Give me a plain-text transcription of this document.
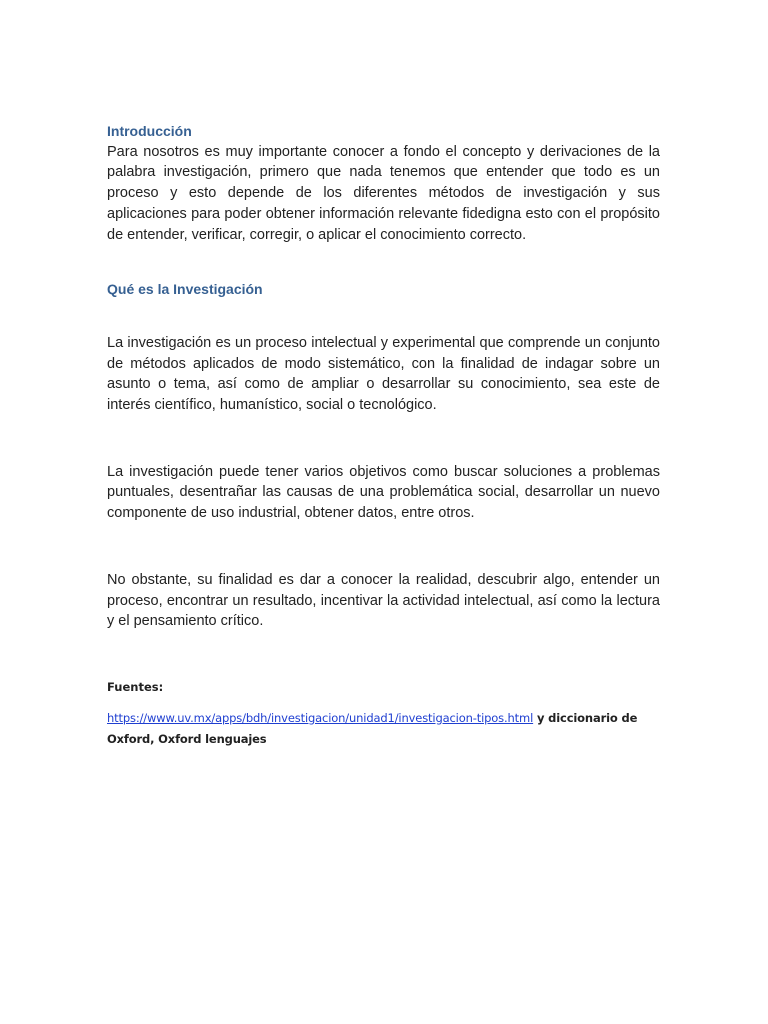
Introducción

Para nosotros es muy importante conocer a fondo el concepto y derivaciones de la palabra investigación, primero que nada tenemos que entender que todo es un proceso y esto depende de los diferentes métodos de investigación y sus aplicaciones para poder obtener información relevante fidedigna esto con el propósito de entender, verificar, corregir, o aplicar el conocimiento correcto.

Qué es la Investigación

La investigación es un proceso intelectual y experimental que comprende un conjunto de métodos aplicados de modo sistemático, con la finalidad de indagar sobre un asunto o tema, así como de ampliar o desarrollar su conocimiento, sea este de interés científico, humanístico, social o tecnológico.

La investigación puede tener varios objetivos como buscar soluciones a problemas puntuales, desentrañar las causas de una problemática social, desarrollar un nuevo componente de uso industrial, obtener datos, entre otros.

No obstante, su finalidad es dar a conocer la realidad, descubrir algo, entender un proceso, encontrar un resultado, incentivar la actividad intelectual, así como la lectura y el pensamiento crítico.

Fuentes:

https://www.uv.mx/apps/bdh/investigacion/unidad1/investigacion-tipos.html y diccionario de Oxford, Oxford lenguajes
